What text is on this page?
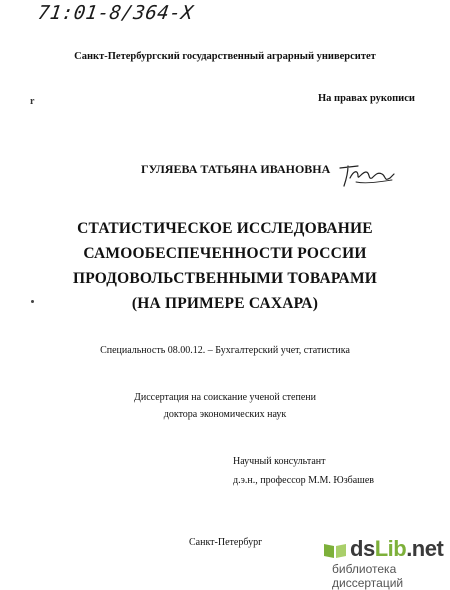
71:01-8/364-Х
Санкт-Петербургский государственный аграрный университет
r	На правах рукописи
ГУЛЯЕВА ТАТЬЯНА ИВАНОВНА
СТАТИСТИЧЕСКОЕ ИССЛЕДОВАНИЕ
САМООБЕСПЕЧЕННОСТИ РОССИИ
ПРОДОВОЛЬСТВЕННЫМИ ТОВАРАМИ
(НА ПРИМЕРЕ САХАРА)
Специальность 08.00.12. – Бухгалтерский учет, статистика
Диссертация на соискание ученой степени
доктора экономических наук
Научный консультант
д.э.н., профессор М.М. Юзбашев
Санкт-Петербург	dsLib.net
библиотека диссертаций
